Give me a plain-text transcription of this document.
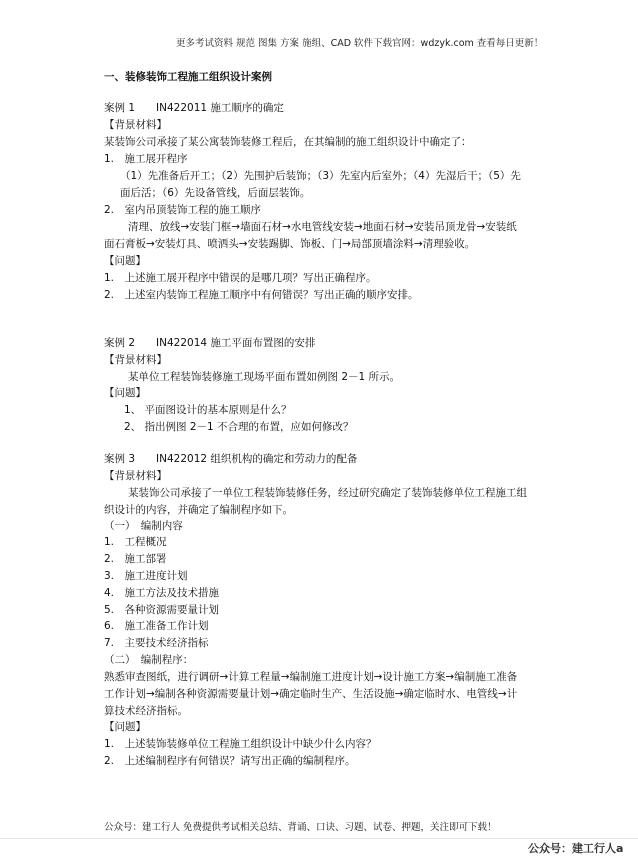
更多考试资料 规范 图集 方案 施组、CAD 软件下载官网：wdzyk.com 查看每日更新！
一、装修装饰工程施工组织设计案例
案例 1　　IN422011 施工顺序的确定
【背景材料】
某装饰公司承接了某公寓装饰装修工程后，在其编制的施工组织设计中确定了：
1.　施工展开程序
（1）先准备后开工；（2）先围护后装饰；（3）先室内后室外；（4）先湿后干；（5）先
面后活；（6）先设备管线，后面层装饰。
2.　室内吊顶装饰工程的施工顺序
清理、放线→安装门框→墙面石材→水电管线安装→地面石材→安装吊顶龙骨→安装纸
面石膏板→安装灯具、喷洒头→安装踢脚、饰板、门→局部顶墙涂料→清理验收。
【问题】
1.　上述施工展开程序中错误的是哪几项？写出正确程序。
2.　上述室内装饰工程施工顺序中有何错误？写出正确的顺序安排。
案例 2　　IN422014 施工平面布置图的安排
【背景材料】
某单位工程装饰装修施工现场平面布置如例图 2－1 所示。
【问题】
1、 平面图设计的基本原则是什么？
2、 指出例图 2－1 不合理的布置，应如何修改？
案例 3　　IN422012 组织机构的确定和劳动力的配备
【背景材料】
某装饰公司承接了一单位工程装饰装修任务，经过研究确定了装饰装修单位工程施工组
织设计的内容，并确定了编制程序如下。
（一）　编制内容
1.　工程概况
2.　施工部署
3.　施工进度计划
4.　施工方法及技术措施
5.　各种资源需要量计划
6.　施工准备工作计划
7.　主要技术经济指标
（二）　编制程序：
熟悉审查图纸，进行调研→计算工程量→编制施工进度计划→设计施工方案→编制施工准备
工作计划→编制各种资源需要量计划→确定临时生产、生活设施→确定临时水、电管线→计
算技术经济指标。
【问题】
1.　上述装饰装修单位工程施工组织设计中缺少什么内容？
2.　上述编制程序有何错误？请写出正确的编制程序。
公众号：建工行人 免费提供考试相关总结、背诵、口诀、习题、试卷、押题，关注即可下载！
公众号：建工行人a
